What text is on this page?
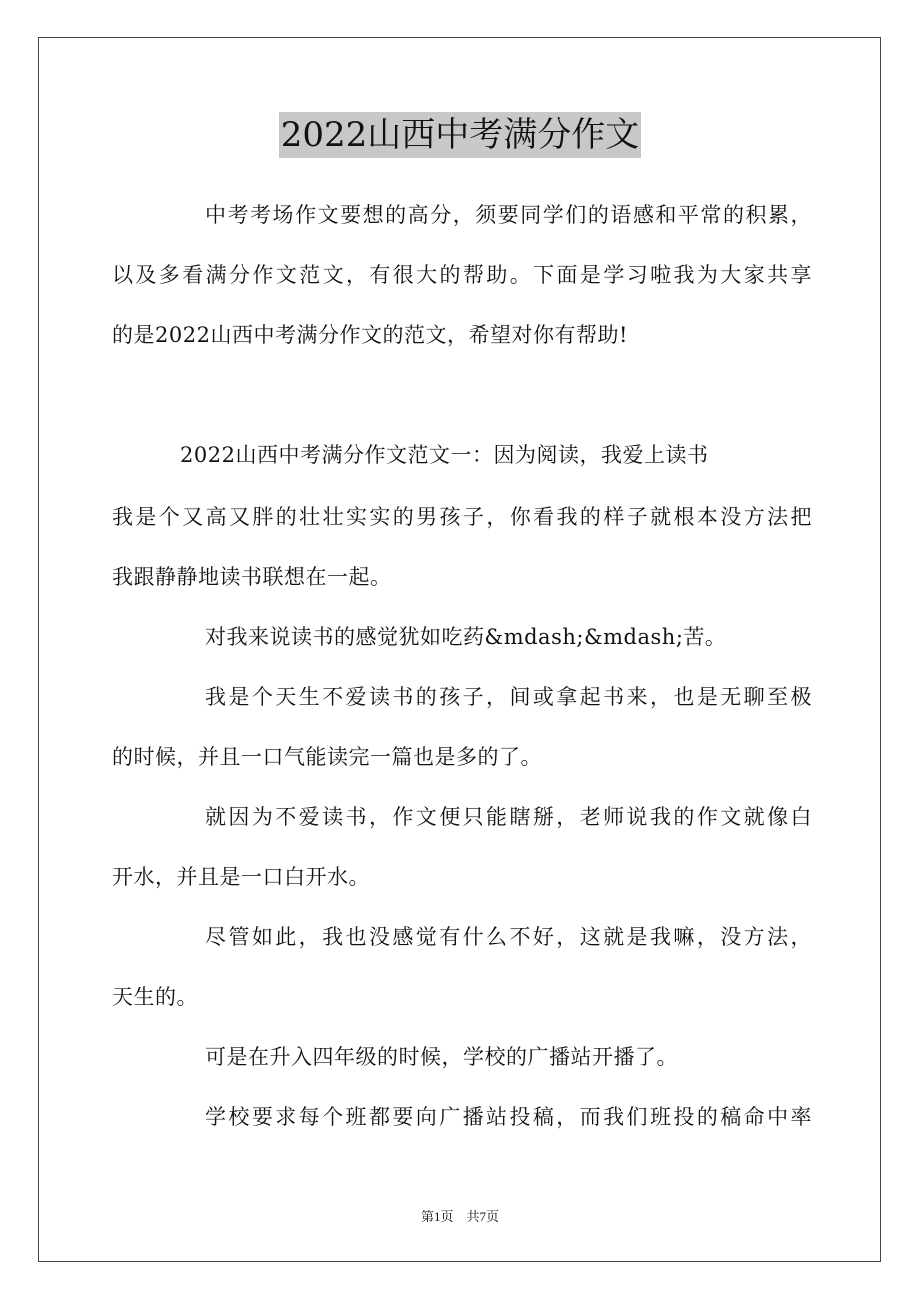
2022山西中考满分作文
中考考场作文要想的高分，须要同学们的语感和平常的积累，
以及多看满分作文范文，有很大的帮助。下面是学习啦我为大家共享
的是2022山西中考满分作文的范文，希望对你有帮助!
2022山西中考满分作文范文一：因为阅读，我爱上读书
我是个又高又胖的壮壮实实的男孩子，你看我的样子就根本没方法把
我跟静静地读书联想在一起。
对我来说读书的感觉犹如吃药&mdash;&mdash;苦。
我是个天生不爱读书的孩子，间或拿起书来，也是无聊至极
的时候，并且一口气能读完一篇也是多的了。
就因为不爱读书，作文便只能瞎掰，老师说我的作文就像白
开水，并且是一口白开水。
尽管如此，我也没感觉有什么不好，这就是我嘛，没方法，
天生的。
可是在升入四年级的时候，学校的广播站开播了。
学校要求每个班都要向广播站投稿，而我们班投的稿命中率
第1页　共7页
